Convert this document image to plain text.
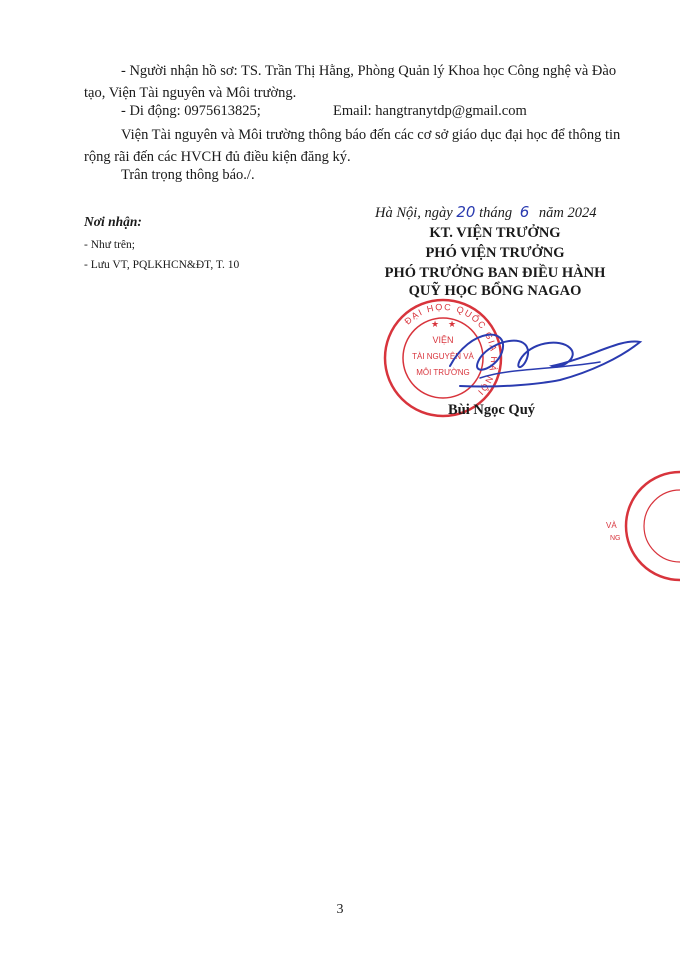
- Người nhận hồ sơ: TS. Trần Thị Hằng, Phòng Quản lý Khoa học Công nghệ và Đào tạo, Viện Tài nguyên và Môi trường.

- Di động: 0975613825;	Email: hangtranytdp@gmail.com

Viện Tài nguyên và Môi trường thông báo đến các cơ sở giáo dục đại học để thông tin rộng rãi đến các HVCH đủ điều kiện đăng ký.

Trân trọng thông báo./.

Nơi nhận:

- Như trên;

- Lưu VT, PQLKHCN&ĐT, T. 10

Hà Nội, ngày 20 tháng 6 năm 2024

KT. VIỆN TRƯỞNG

PHÓ VIỆN TRƯỞNG

PHÓ TRƯỞNG BAN ĐIỀU HÀNH

QUỸ HỌC BỔNG NAGAO

ĐẠI HỌC QUỐC GIA HÀ NỘI
VIỆN
TÀI NGUYÊN VÀ
MÔI TRƯỜNG
★ ★

Bùi Ngọc Quý

VÀ
NG

3
